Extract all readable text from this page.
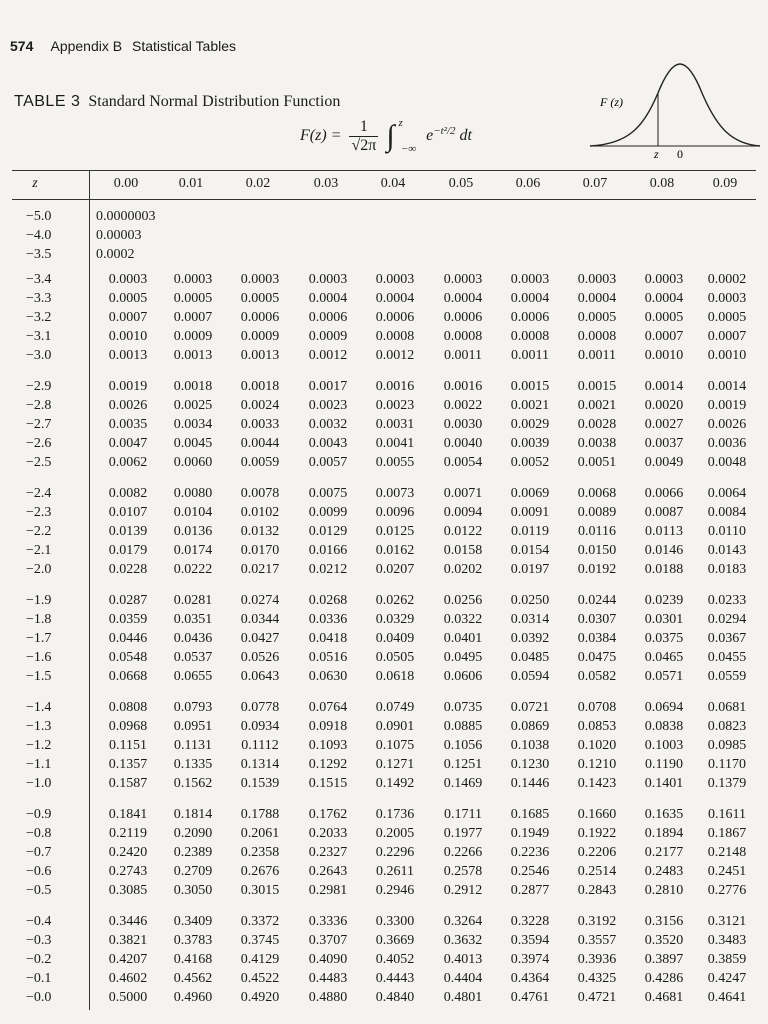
574 Appendix B Statistical Tables
TABLE 3 Standard Normal Distribution Function
$F(z) = \frac{1}{√2\pi}$ ∫ $^z$ $_{-\infty}$ $e^{-t^2/2}$ dt
F (z)
z 0
z	0.00	0.01	0.02	0.03	0.04	0.05	0.06	0.07	0.08	0.09
−5.0	0.0000003
−4.0	0.00003
−3.5	0.0002
−3.4	0.0003	0.0003	0.0003	0.0003	0.0003	0.0003	0.0003	0.0003	0.0003	0.0002
−3.3	0.0005	0.0005	0.0005	0.0004	0.0004	0.0004	0.0004	0.0004	0.0004	0.0003
−3.2	0.0007	0.0007	0.0006	0.0006	0.0006	0.0006	0.0006	0.0005	0.0005	0.0005
−3.1	0.0010	0.0009	0.0009	0.0009	0.0008	0.0008	0.0008	0.0008	0.0007	0.0007
−3.0	0.0013	0.0013	0.0013	0.0012	0.0012	0.0011	0.0011	0.0011	0.0010	0.0010
−2.9	0.0019	0.0018	0.0018	0.0017	0.0016	0.0016	0.0015	0.0015	0.0014	0.0014
−2.8	0.0026	0.0025	0.0024	0.0023	0.0023	0.0022	0.0021	0.0021	0.0020	0.0019
−2.7	0.0035	0.0034	0.0033	0.0032	0.0031	0.0030	0.0029	0.0028	0.0027	0.0026
−2.6	0.0047	0.0045	0.0044	0.0043	0.0041	0.0040	0.0039	0.0038	0.0037	0.0036
−2.5	0.0062	0.0060	0.0059	0.0057	0.0055	0.0054	0.0052	0.0051	0.0049	0.0048
−2.4	0.0082	0.0080	0.0078	0.0075	0.0073	0.0071	0.0069	0.0068	0.0066	0.0064
−2.3	0.0107	0.0104	0.0102	0.0099	0.0096	0.0094	0.0091	0.0089	0.0087	0.0084
−2.2	0.0139	0.0136	0.0132	0.0129	0.0125	0.0122	0.0119	0.0116	0.0113	0.0110
−2.1	0.0179	0.0174	0.0170	0.0166	0.0162	0.0158	0.0154	0.0150	0.0146	0.0143
−2.0	0.0228	0.0222	0.0217	0.0212	0.0207	0.0202	0.0197	0.0192	0.0188	0.0183
−1.9	0.0287	0.0281	0.0274	0.0268	0.0262	0.0256	0.0250	0.0244	0.0239	0.0233
−1.8	0.0359	0.0351	0.0344	0.0336	0.0329	0.0322	0.0314	0.0307	0.0301	0.0294
−1.7	0.0446	0.0436	0.0427	0.0418	0.0409	0.0401	0.0392	0.0384	0.0375	0.0367
−1.6	0.0548	0.0537	0.0526	0.0516	0.0505	0.0495	0.0485	0.0475	0.0465	0.0455
−1.5	0.0668	0.0655	0.0643	0.0630	0.0618	0.0606	0.0594	0.0582	0.0571	0.0559
−1.4	0.0808	0.0793	0.0778	0.0764	0.0749	0.0735	0.0721	0.0708	0.0694	0.0681
−1.3	0.0968	0.0951	0.0934	0.0918	0.0901	0.0885	0.0869	0.0853	0.0838	0.0823
−1.2	0.1151	0.1131	0.1112	0.1093	0.1075	0.1056	0.1038	0.1020	0.1003	0.0985
−1.1	0.1357	0.1335	0.1314	0.1292	0.1271	0.1251	0.1230	0.1210	0.1190	0.1170
−1.0	0.1587	0.1562	0.1539	0.1515	0.1492	0.1469	0.1446	0.1423	0.1401	0.1379
−0.9	0.1841	0.1814	0.1788	0.1762	0.1736	0.1711	0.1685	0.1660	0.1635	0.1611
−0.8	0.2119	0.2090	0.2061	0.2033	0.2005	0.1977	0.1949	0.1922	0.1894	0.1867
−0.7	0.2420	0.2389	0.2358	0.2327	0.2296	0.2266	0.2236	0.2206	0.2177	0.2148
−0.6	0.2743	0.2709	0.2676	0.2643	0.2611	0.2578	0.2546	0.2514	0.2483	0.2451
−0.5	0.3085	0.3050	0.3015	0.2981	0.2946	0.2912	0.2877	0.2843	0.2810	0.2776
−0.4	0.3446	0.3409	0.3372	0.3336	0.3300	0.3264	0.3228	0.3192	0.3156	0.3121
−0.3	0.3821	0.3783	0.3745	0.3707	0.3669	0.3632	0.3594	0.3557	0.3520	0.3483
−0.2	0.4207	0.4168	0.4129	0.4090	0.4052	0.4013	0.3974	0.3936	0.3897	0.3859
−0.1	0.4602	0.4562	0.4522	0.4483	0.4443	0.4404	0.4364	0.4325	0.4286	0.4247
−0.0	0.5000	0.4960	0.4920	0.4880	0.4840	0.4801	0.4761	0.4721	0.4681	0.4641
